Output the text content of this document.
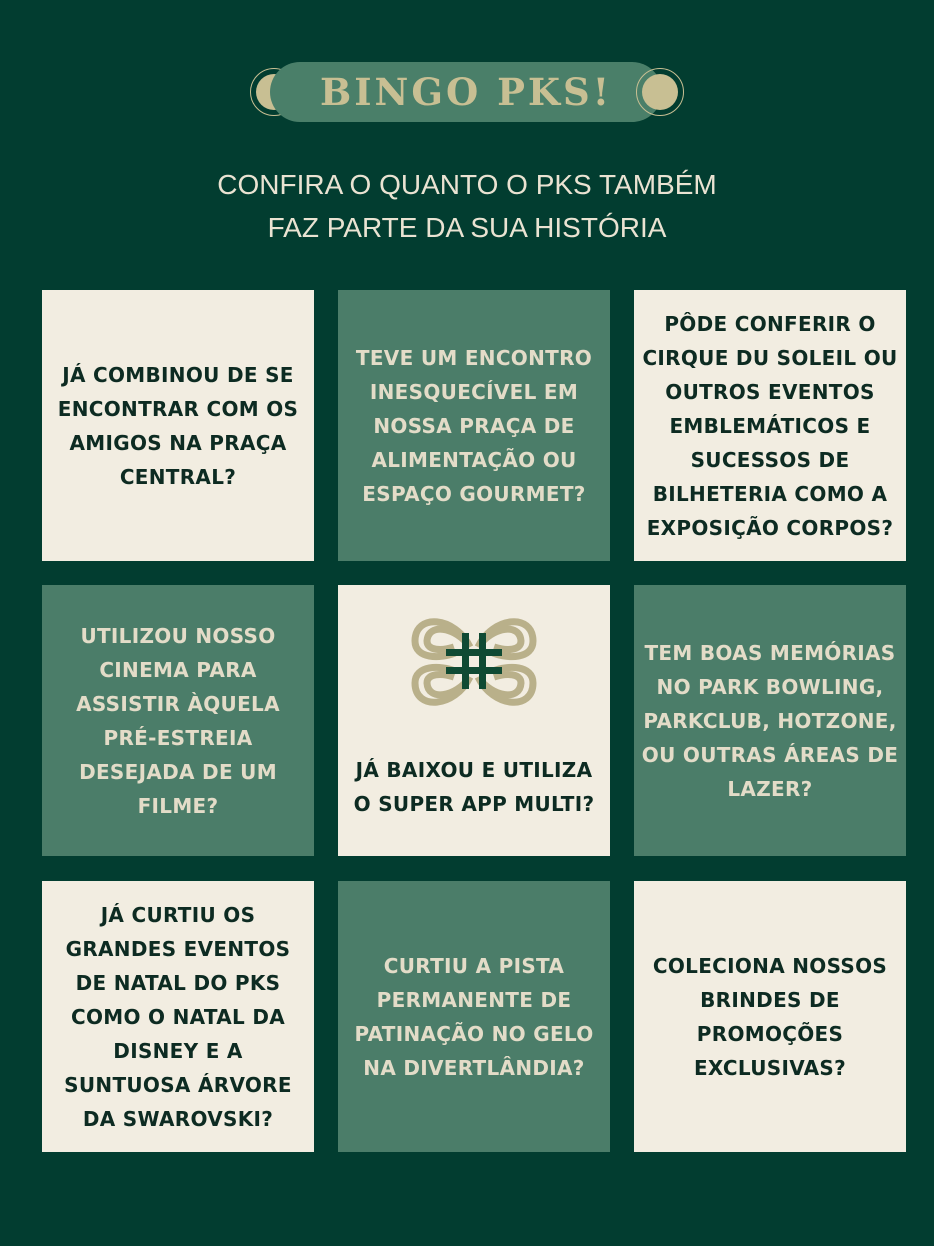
BINGO PKS!
CONFIRA O QUANTO O PKS TAMBÉM
FAZ PARTE DA SUA HISTÓRIA
JÁ COMBINOU DE SE ENCONTRAR COM OS AMIGOS NA PRAÇA CENTRAL?
TEVE UM ENCONTRO INESQUECÍVEL EM NOSSA PRAÇA DE ALIMENTAÇÃO OU ESPAÇO GOURMET?
PÔDE CONFERIR O CIRQUE DU SOLEIL OU OUTROS EVENTOS EMBLEMÁTICOS E SUCESSOS DE BILHETERIA COMO A EXPOSIÇÃO CORPOS?
UTILIZOU NOSSO CINEMA PARA ASSISTIR ÀQUELA PRÉ-ESTREIA DESEJADA DE UM FILME?
JÁ BAIXOU E UTILIZA O SUPER APP MULTI?
TEM BOAS MEMÓRIAS NO PARK BOWLING, PARKCLUB, HOTZONE, OU OUTRAS ÁREAS DE LAZER?
JÁ CURTIU OS GRANDES EVENTOS DE NATAL DO PKS COMO O NATAL DA DISNEY E A SUNTUOSA ÁRVORE DA SWAROVSKI?
CURTIU A PISTA PERMANENTE DE PATINAÇÃO NO GELO NA DIVERTLÂNDIA?
COLECIONA NOSSOS BRINDES DE PROMOÇÕES EXCLUSIVAS?
